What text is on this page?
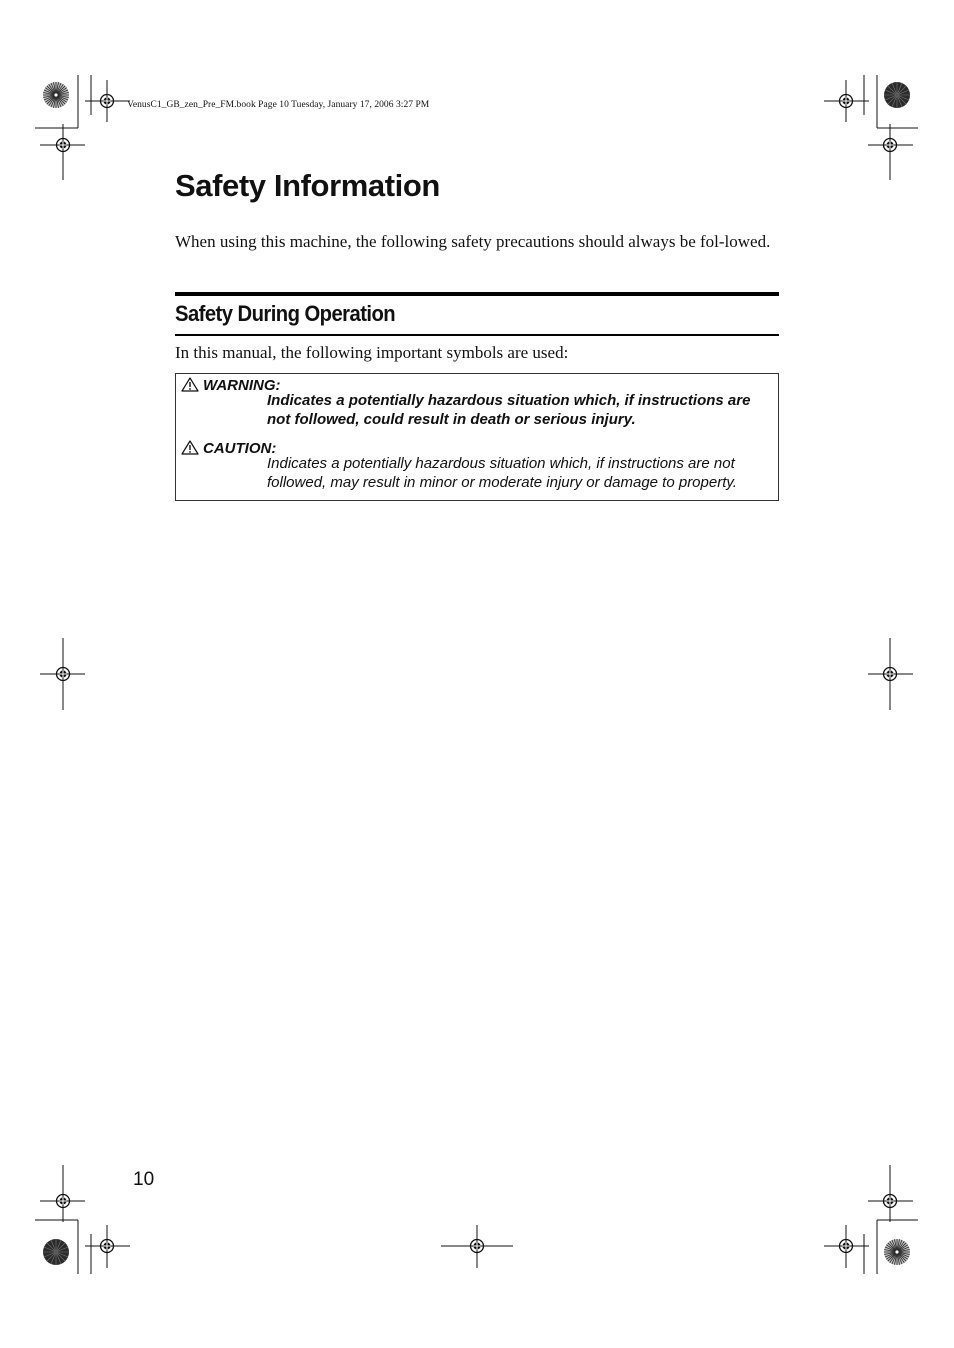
VenusC1_GB_zen_Pre_FM.book Page 10 Tuesday, January 17, 2006 3:27 PM
Safety Information

When using this machine, the following safety precautions should always be fol-lowed.

Safety During Operation

In this manual, the following important symbols are used:

WARNING:
Indicates a potentially hazardous situation which, if instructions are not followed, could result in death or serious injury.
CAUTION:
Indicates a potentially hazardous situation which, if instructions are not followed, may result in minor or moderate injury or damage to property.
10
